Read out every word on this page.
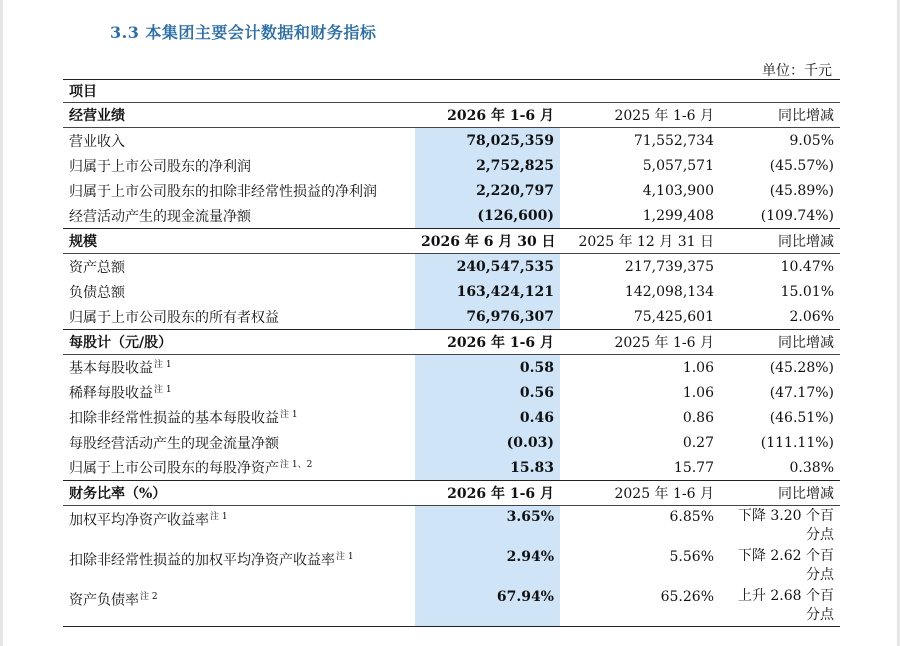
3.3 本集团主要会计数据和财务指标
单位：千元
项目			
经营业绩	2026 年 1-6 月	2025 年 1-6 月	同比增减
营业收入	78,025,359	71,552,734	9.05%
归属于上市公司股东的净利润	2,752,825	5,057,571	(45.57%)
归属于上市公司股东的扣除非经常性损益的净利润	2,220,797	4,103,900	(45.89%)
经营活动产生的现金流量净额	(126,600)	1,299,408	(109.74%)
规模	2026 年 6 月 30 日	2025 年 12 月 31 日	同比增减
资产总额	240,547,535	217,739,375	10.47%
负债总额	163,424,121	142,098,134	15.01%
归属于上市公司股东的所有者权益	76,976,307	75,425,601	2.06%
每股计（元/股）	2026 年 1-6 月	2025 年 1-6 月	同比增减
基本每股收益$^{注 1}$	0.58	1.06	(45.28%)
稀释每股收益$^{注 1}$	0.56	1.06	(47.17%)
扣除非经常性损益的基本每股收益$^{注 1}$	0.46	0.86	(46.51%)
每股经营活动产生的现金流量净额	(0.03)	0.27	(111.11%)
归属于上市公司股东的每股净资产$^{注 1、2}$	15.83	15.77	0.38%
财务比率（%）	2026 年 1-6 月	2025 年 1-6 月	同比增减
加权平均净资产收益率$^{注 1}$	3.65%	6.85%	下降 3.20 个百分点
扣除非经常性损益的加权平均净资产收益率$^{注 1}$	2.94%	5.56%	下降 2.62 个百分点
资产负债率$^{注 2}$	67.94%	65.26%	上升 2.68 个百分点
